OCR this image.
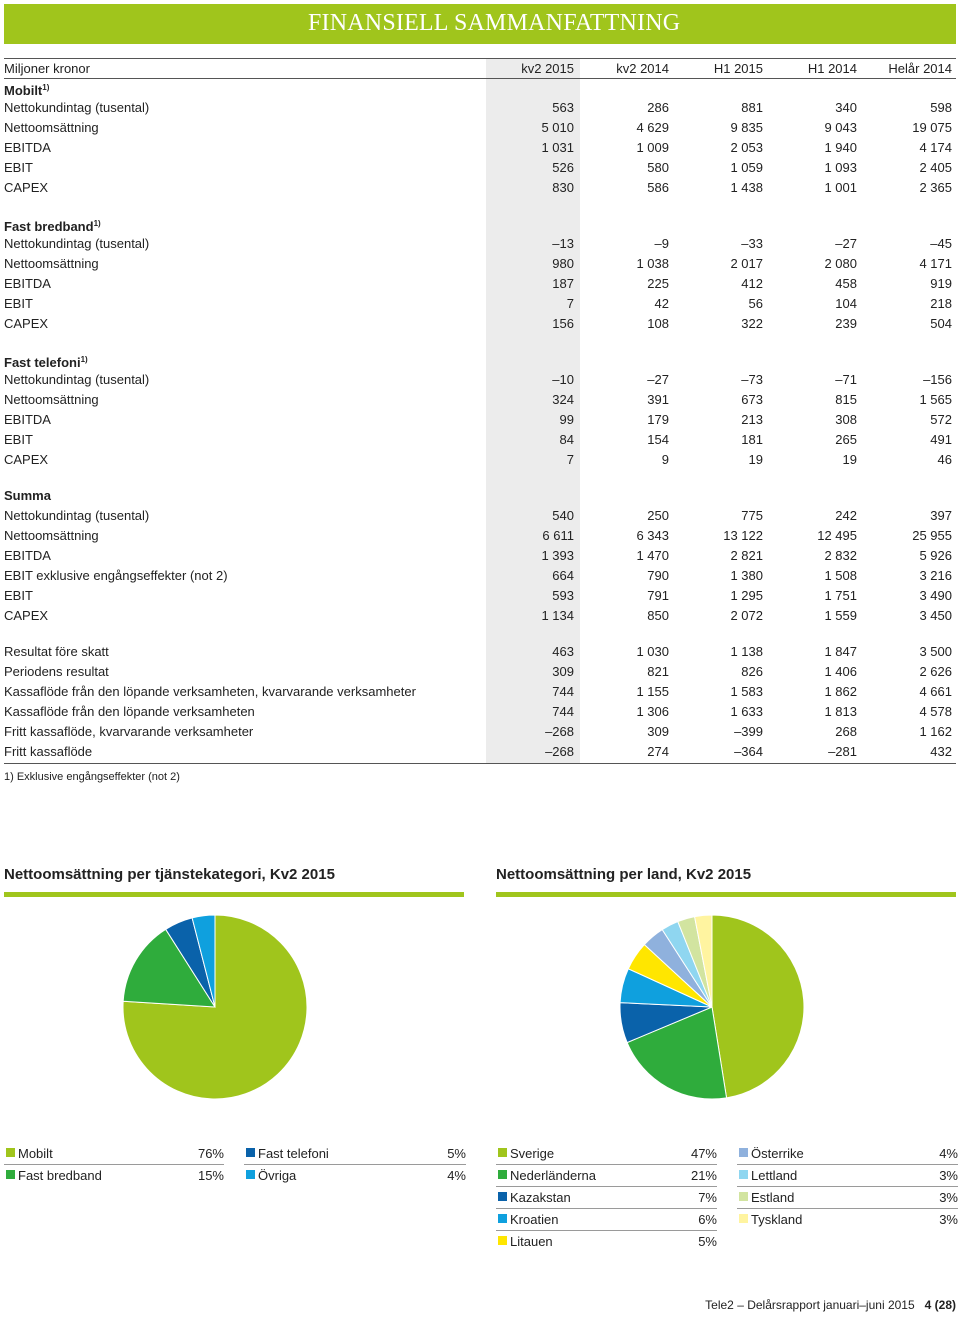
FINANSIELL SAMMANFATTNING
Miljoner kronor	kv2 2015	kv2 2014	H1 2015	H1 2014	Helår 2014
Mobilt$^{1)}$
Nettokundintag (tusental)	563	286	881	340	598
Nettoomsättning	5 010	4 629	9 835	9 043	19 075
EBITDA	1 031	1 009	2 053	1 940	4 174
EBIT	526	580	1 059	1 093	2 405
CAPEX	830	586	1 438	1 001	2 365
Fast bredband$^{1)}$
Nettokundintag (tusental)	–13	–9	–33	–27	–45
Nettoomsättning	980	1 038	2 017	2 080	4 171
EBITDA	187	225	412	458	919
EBIT	7	42	56	104	218
CAPEX	156	108	322	239	504
Fast telefoni$^{1)}$
Nettokundintag (tusental)	–10	–27	–73	–71	–156
Nettoomsättning	324	391	673	815	1 565
EBITDA	99	179	213	308	572
EBIT	84	154	181	265	491
CAPEX	7	9	19	19	46
Summa
Nettokundintag (tusental)	540	250	775	242	397
Nettoomsättning	6 611	6 343	13 122	12 495	25 955
EBITDA	1 393	1 470	2 821	2 832	5 926
EBIT exklusive engångseffekter (not 2)	664	790	1 380	1 508	3 216
EBIT	593	791	1 295	1 751	3 490
CAPEX	1 134	850	2 072	1 559	3 450
Resultat före skatt	463	1 030	1 138	1 847	3 500
Periodens resultat	309	821	826	1 406	2 626
Kassaflöde från den löpande verksamheten, kvarvarande verksamheter	744	1 155	1 583	1 862	4 661
Kassaflöde från den löpande verksamheten	744	1 306	1 633	1 813	4 578
Fritt kassaflöde, kvarvarande verksamheter	–268	309	–399	268	1 162
Fritt kassaflöde	–268	274	–364	–281	432
1) Exklusive engångseffekter (not 2)
Nettoomsättning per tjänstekategori, Kv2 2015	Nettoomsättning per land, Kv2 2015
Mobilt	76%
Fast bredband	15%
Fast telefoni	5%
Övriga	4%
Sverige	47%
Nederländerna	21%
Kazakstan	7%
Kroatien	6%
Litauen	5%
Österrike	4%
Lettland	3%
Estland	3%
Tyskland	3%
Tele2 – Delårsrapport januari–juni 2015 4 (28)
